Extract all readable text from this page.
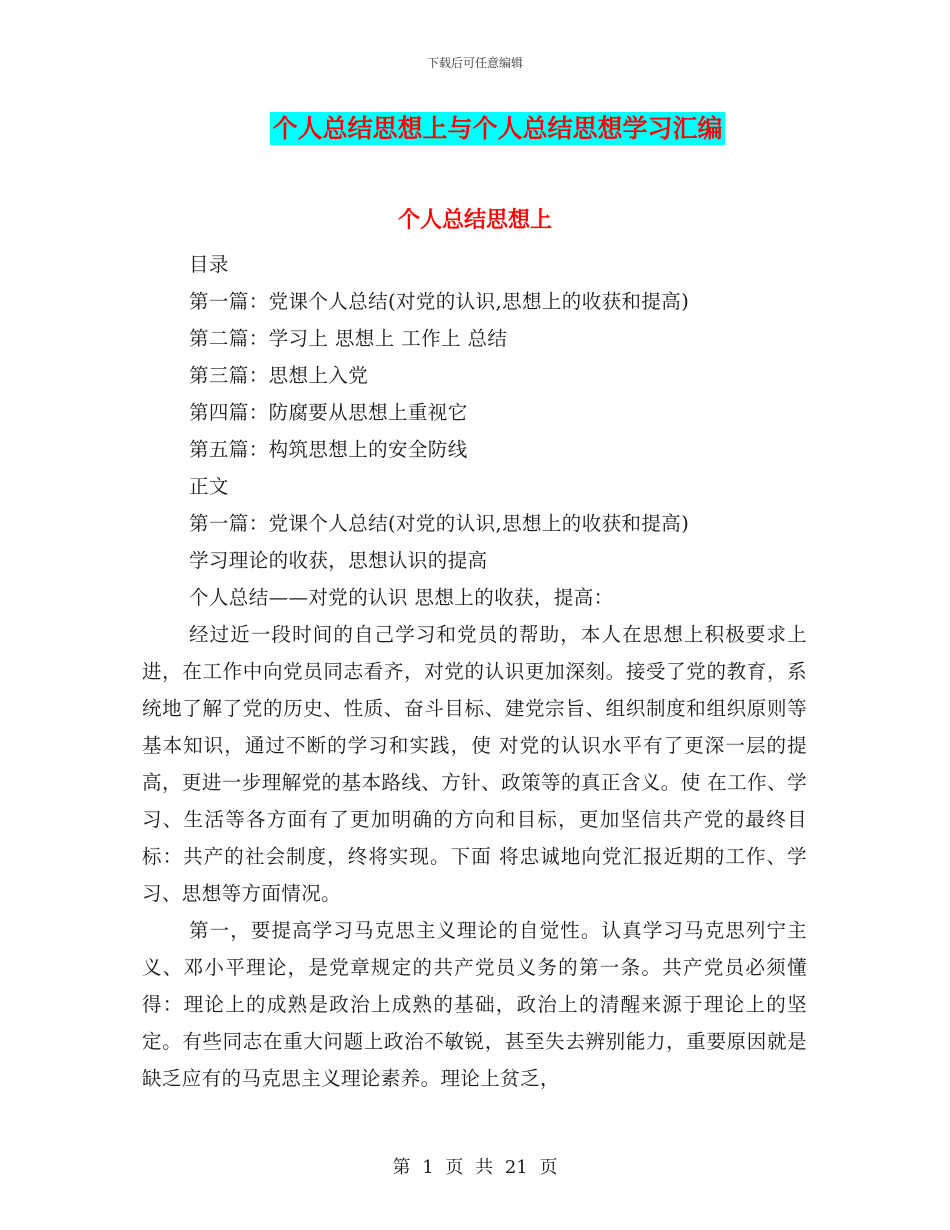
下载后可任意编辑
个人总结思想上与个人总结思想学习汇编
个人总结思想上

目录

第一篇：党课个人总结(对党的认识,思想上的收获和提高)

第二篇：学习上 思想上 工作上 总结

第三篇：思想上入党

第四篇：防腐要从思想上重视它

第五篇：构筑思想上的安全防线

正文

第一篇：党课个人总结(对党的认识,思想上的收获和提高)

学习理论的收获，思想认识的提高

个人总结——对党的认识 思想上的收获，提高：

经过近一段时间的自己学习和党员的帮助，本人在思想上积极要求上进，在工作中向党员同志看齐，对党的认识更加深刻。接受了党的教育，系统地了解了党的历史、性质、奋斗目标、建党宗旨、组织制度和组织原则等基本知识，通过不断的学习和实践，使 对党的认识水平有了更深一层的提高，更进一步理解党的基本路线、方针、政策等的真正含义。使 在工作、学习、生活等各方面有了更加明确的方向和目标，更加坚信共产党的最终目标：共产的社会制度，终将实现。下面 将忠诚地向党汇报近期的工作、学习、思想等方面情况。

第一，要提高学习马克思主义理论的自觉性。认真学习马克思列宁主义、邓小平理论，是党章规定的共产党员义务的第一条。共产党员必须懂得：理论上的成熟是政治上成熟的基础，政治上的清醒来源于理论上的坚定。有些同志在重大问题上政治不敏锐，甚至失去辨别能力，重要原因就是缺乏应有的马克思主义理论素养。理论上贫乏，

第 1 页 共 21 页
